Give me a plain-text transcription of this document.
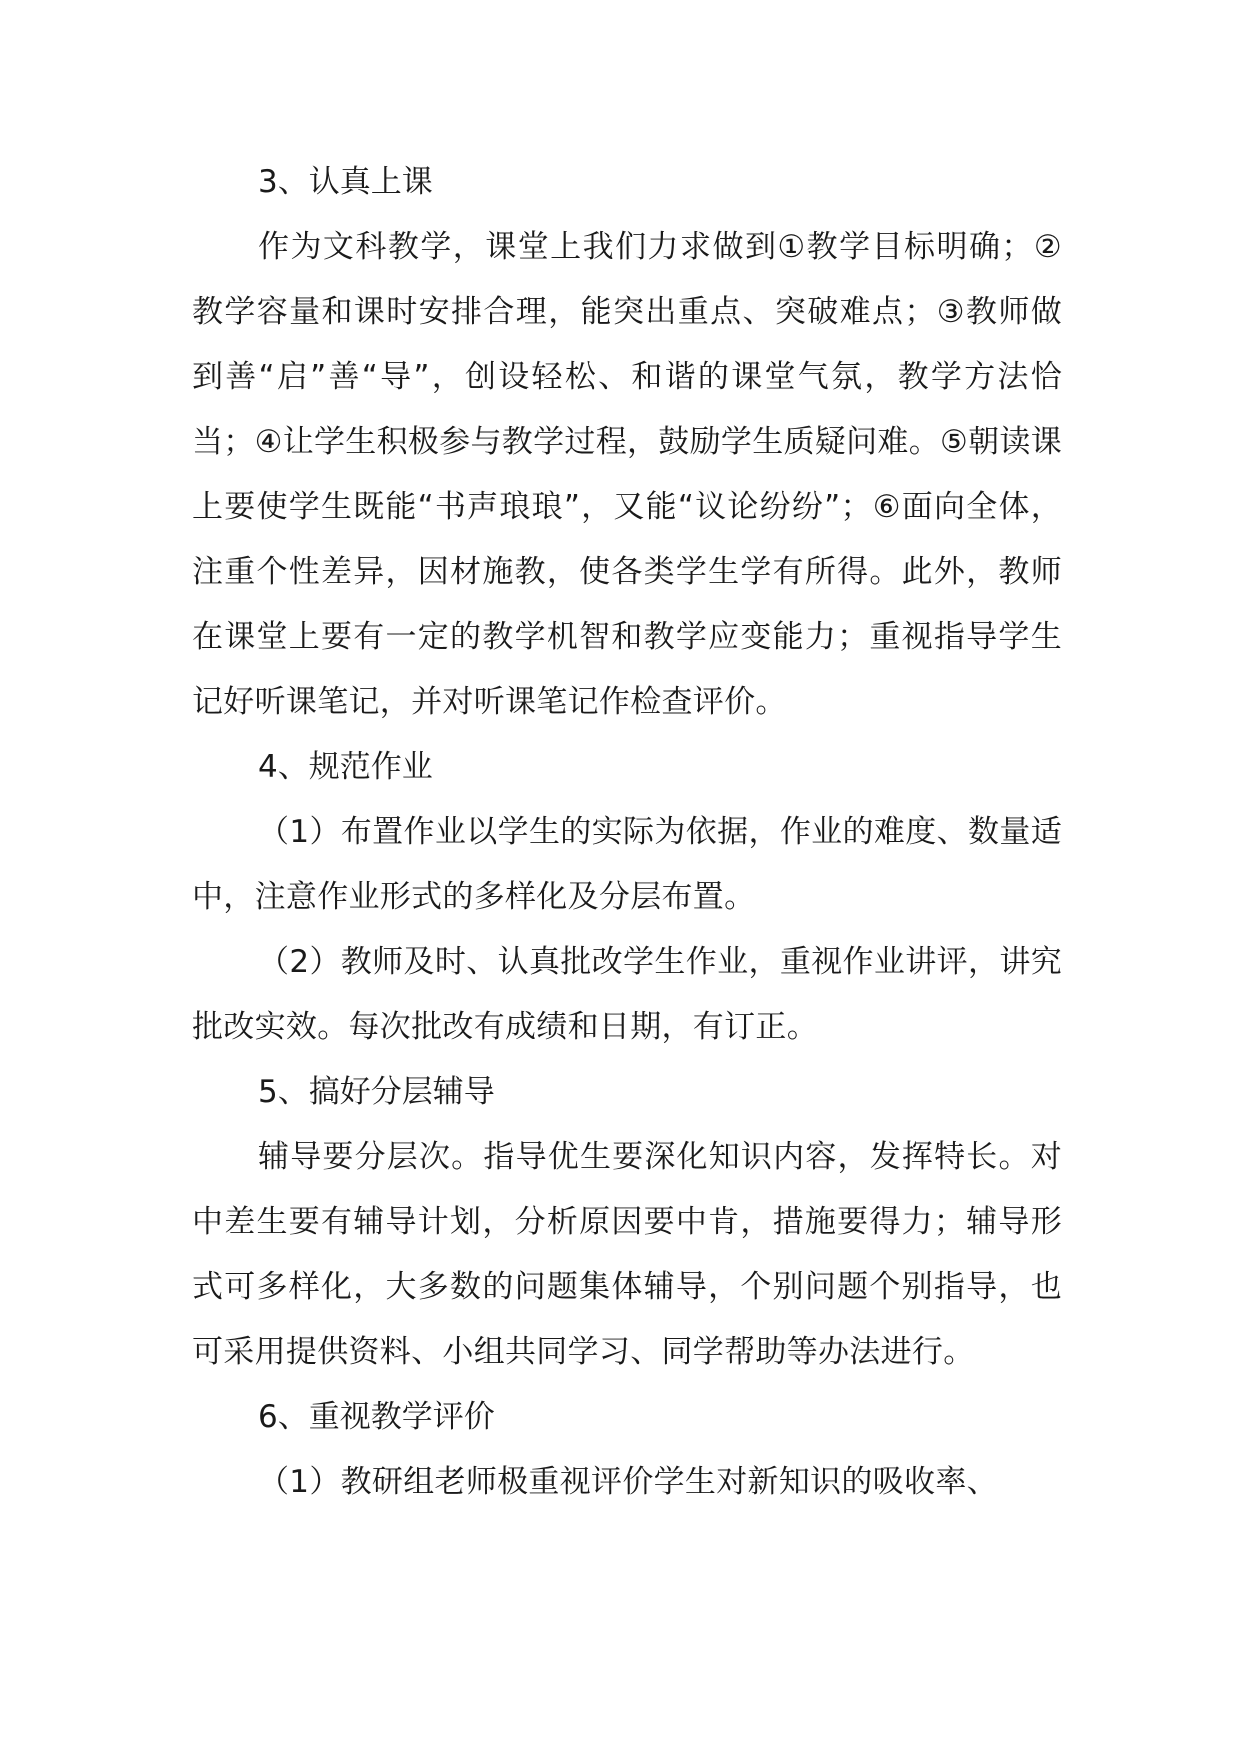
3、认真上课

作为文科教学，课堂上我们力求做到①教学目标明确；②教学容量和课时安排合理，能突出重点、突破难点；③教师做到善“启”善“导”，创设轻松、和谐的课堂气氛，教学方法恰当；④让学生积极参与教学过程，鼓励学生质疑问难。⑤朝读课上要使学生既能“书声琅琅”，又能“议论纷纷”；⑥面向全体，注重个性差异，因材施教，使各类学生学有所得。此外，教师在课堂上要有一定的教学机智和教学应变能力；重视指导学生记好听课笔记，并对听课笔记作检查评价。

4、规范作业

（1）布置作业以学生的实际为依据，作业的难度、数量适中，注意作业形式的多样化及分层布置。

（2）教师及时、认真批改学生作业，重视作业讲评，讲究批改实效。每次批改有成绩和日期，有订正。

5、搞好分层辅导

辅导要分层次。指导优生要深化知识内容，发挥特长。对中差生要有辅导计划，分析原因要中肯，措施要得力；辅导形式可多样化，大多数的问题集体辅导，个别问题个别指导，也可采用提供资料、小组共同学习、同学帮助等办法进行。

6、重视教学评价

（1）教研组老师极重视评价学生对新知识的吸收率、
